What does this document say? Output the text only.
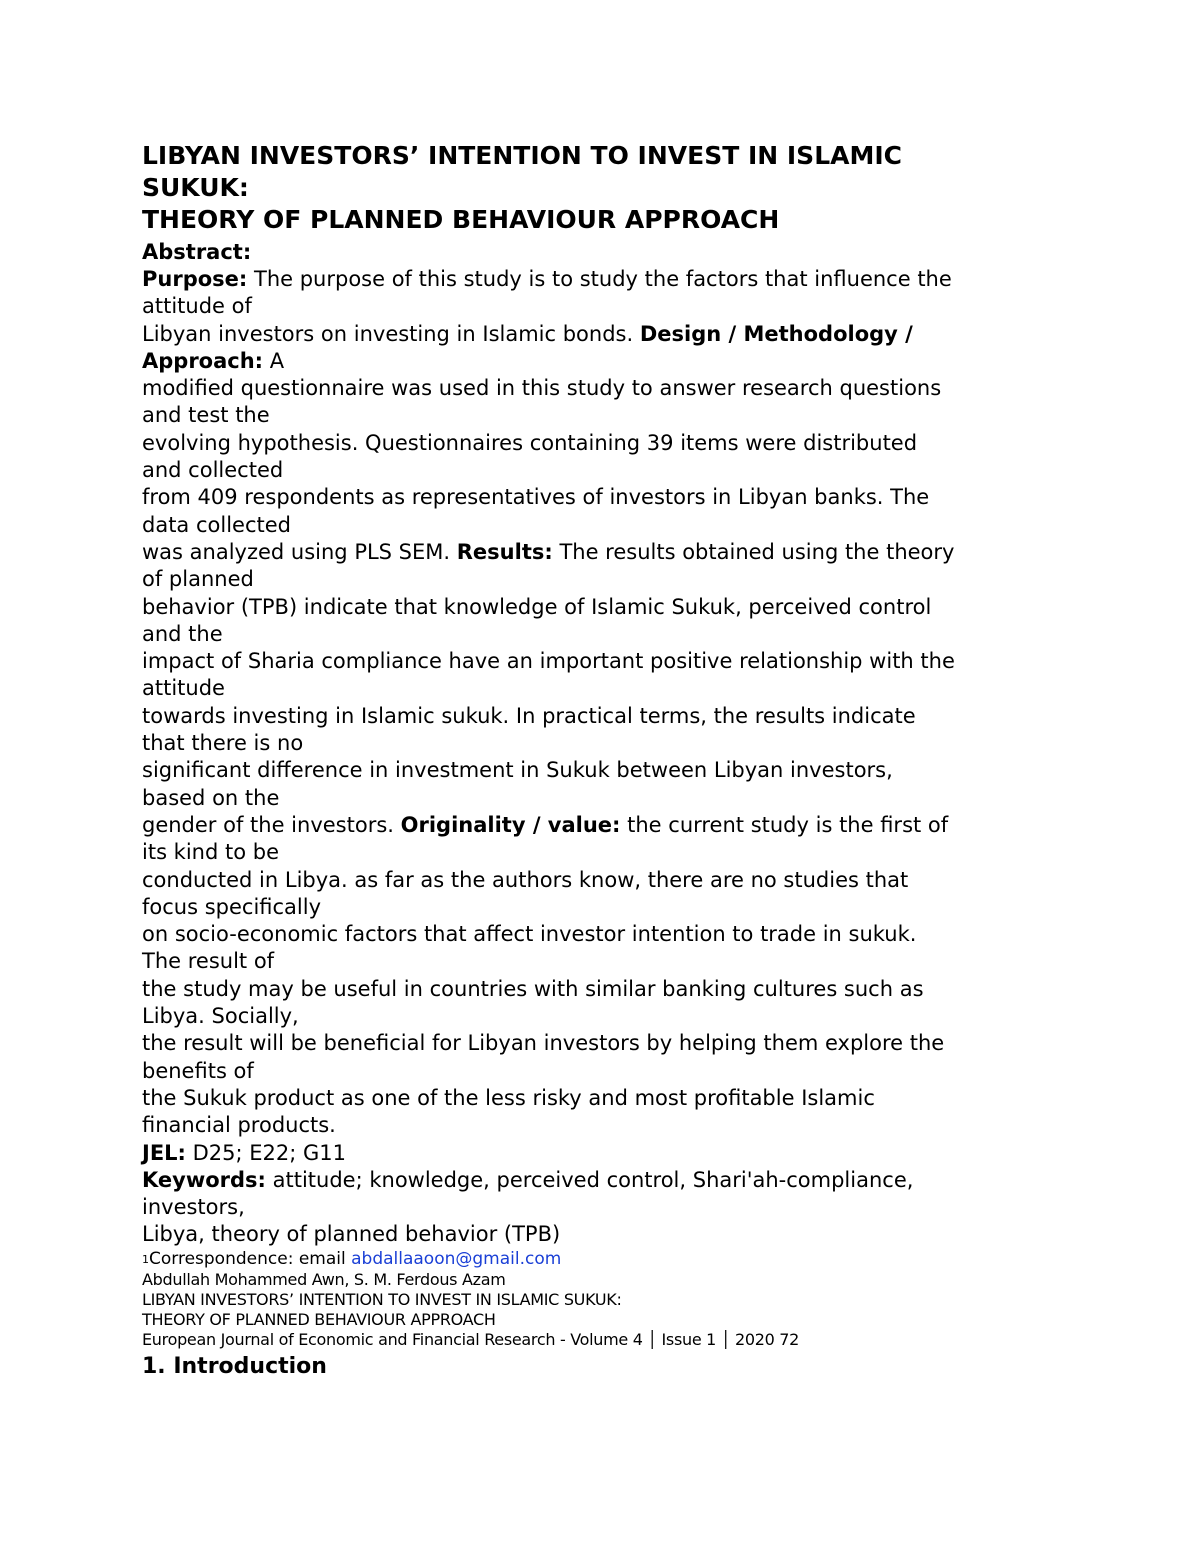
LIBYAN INVESTORS’ INTENTION TO INVEST IN ISLAMIC
SUKUK:
THEORY OF PLANNED BEHAVIOUR APPROACH
Abstract:
Purpose: The purpose of this study is to study the factors that influence the
attitude of
Libyan investors on investing in Islamic bonds. Design / Methodology /
Approach: A
modified questionnaire was used in this study to answer research questions
and test the
evolving hypothesis. Questionnaires containing 39 items were distributed
and collected
from 409 respondents as representatives of investors in Libyan banks. The
data collected
was analyzed using PLS SEM. Results: The results obtained using the theory
of planned
behavior (TPB) indicate that knowledge of Islamic Sukuk, perceived control
and the
impact of Sharia compliance have an important positive relationship with the
attitude
towards investing in Islamic sukuk. In practical terms, the results indicate
that there is no
significant difference in investment in Sukuk between Libyan investors,
based on the
gender of the investors. Originality / value: the current study is the first of
its kind to be
conducted in Libya. as far as the authors know, there are no studies that
focus specifically
on socio-economic factors that affect investor intention to trade in sukuk.
The result of
the study may be useful in countries with similar banking cultures such as
Libya. Socially,
the result will be beneficial for Libyan investors by helping them explore the
benefits of
the Sukuk product as one of the less risky and most profitable Islamic
financial products.
JEL: D25; E22; G11
Keywords: attitude; knowledge, perceived control, Shari'ah-compliance,
investors,
Libya, theory of planned behavior (TPB)
1Correspondence: email abdallaaoon@gmail.com
Abdullah Mohammed Awn, S. M. Ferdous Azam
LIBYAN INVESTORS’ INTENTION TO INVEST IN ISLAMIC SUKUK:
THEORY OF PLANNED BEHAVIOUR APPROACH
European Journal of Economic and Financial Research - Volume 4 │ Issue 1 │ 2020 72
1. Introduction
